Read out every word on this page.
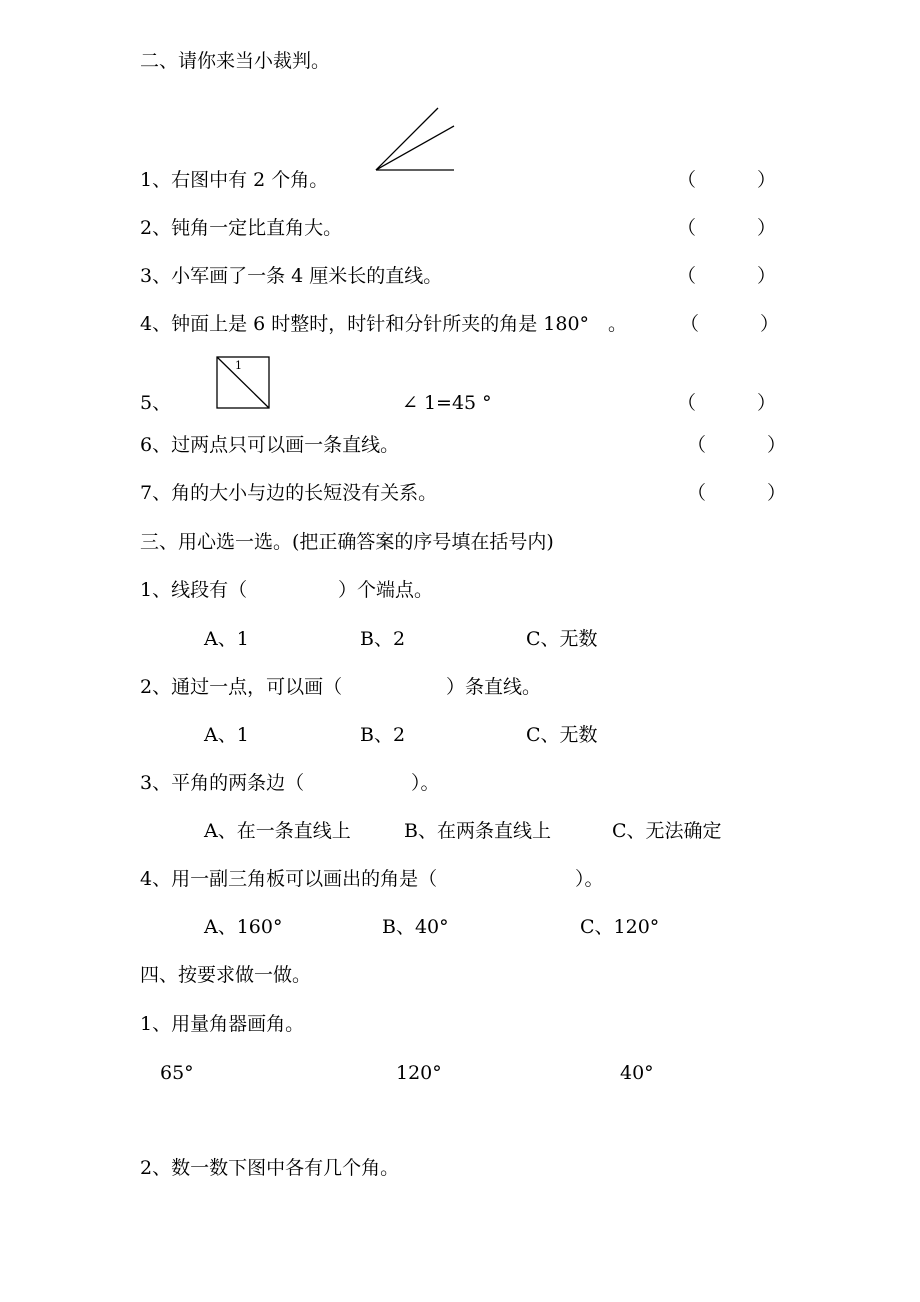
二、请你来当小裁判。
1、右图中有 2 个角。	（	）
2、钝角一定比直角大。	（	）
3、小军画了一条 4 厘米长的直线。	（	）
4、钟面上是 6 时整时，时针和分针所夹的角是 180°　。	（	）
5、
1
∠ 1=45 °	（	）
6、过两点只可以画一条直线。	（	）
7、角的大小与边的长短没有关系。	（	）
三、用心选一选。(把正确答案的序号填在括号内)
1、线段有（	）个端点。
A、1	B、2	C、无数
2、通过一点，可以画（	）条直线。
A、1	B、2	C、无数
3、平角的两条边（	）。
A、在一条直线上	B、在两条直线上	C、无法确定
4、用一副三角板可以画出的角是（	）。
A、160°	B、40°	C、120°
四、按要求做一做。
1、用量角器画角。
65°	120°	40°
2、数一数下图中各有几个角。
